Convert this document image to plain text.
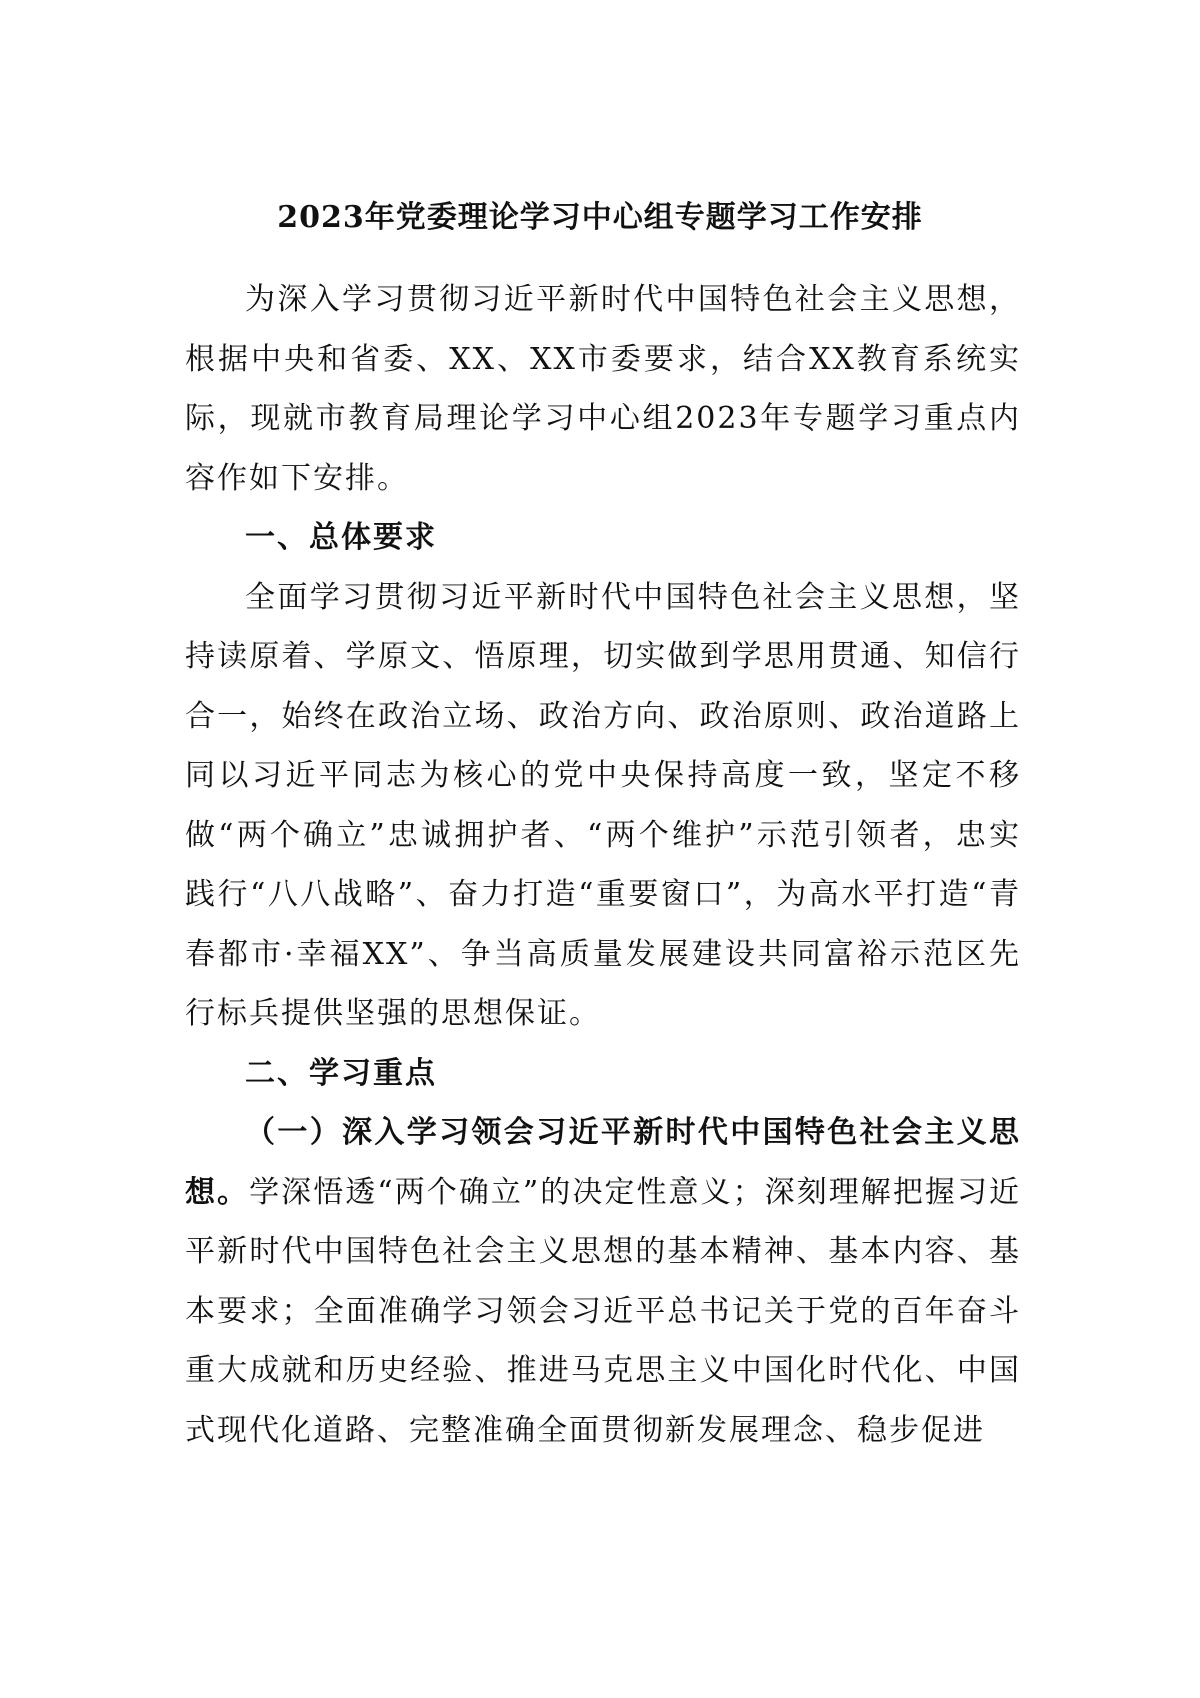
2023年党委理论学习中心组专题学习工作安排

为深入学习贯彻习近平新时代中国特色社会主义思想，根据中央和省委、XX、XX市委要求，结合XX教育系统实际，现就市教育局理论学习中心组2023年专题学习重点内容作如下安排。

一、总体要求

全面学习贯彻习近平新时代中国特色社会主义思想，坚持读原着、学原文、悟原理，切实做到学思用贯通、知信行合一，始终在政治立场、政治方向、政治原则、政治道路上同以习近平同志为核心的党中央保持高度一致，坚定不移做“两个确立”忠诚拥护者、“两个维护”示范引领者，忠实践行“八八战略”、奋力打造“重要窗口”，为高水平打造“青春都市·幸福XX”、争当高质量发展建设共同富裕示范区先行标兵提供坚强的思想保证。

二、学习重点

（一）深入学习领会习近平新时代中国特色社会主义思想。学深悟透“两个确立”的决定性意义；深刻理解把握习近平新时代中国特色社会主义思想的基本精神、基本内容、基本要求；全面准确学习领会习近平总书记关于党的百年奋斗重大成就和历史经验、推进马克思主义中国化时代化、中国式现代化道路、完整准确全面贯彻新发展理念、稳步促进
